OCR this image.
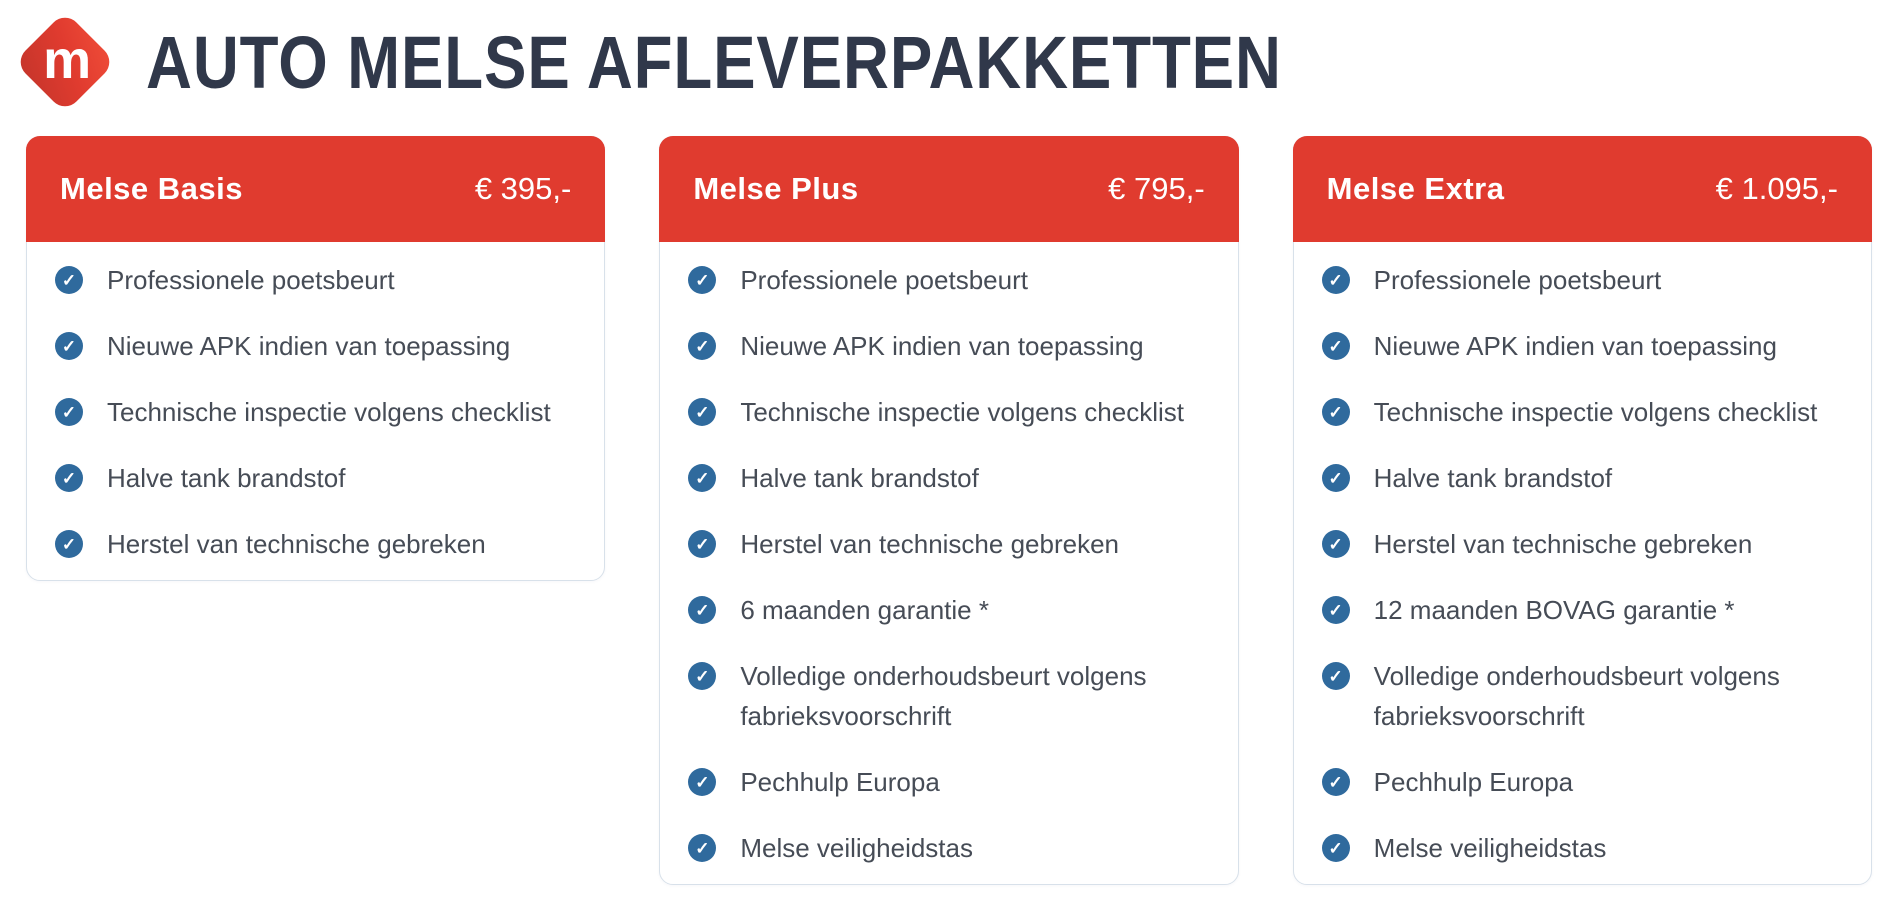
m AUTO MELSE AFLEVERPAKKETTEN
Melse Basis	€ 395,-
✓ Professionele poetsbeurt
✓ Nieuwe APK indien van toepassing
✓ Technische inspectie volgens checklist
✓ Halve tank brandstof
✓ Herstel van technische gebreken
Melse Plus	€ 795,-
✓ Professionele poetsbeurt
✓ Nieuwe APK indien van toepassing
✓ Technische inspectie volgens checklist
✓ Halve tank brandstof
✓ Herstel van technische gebreken
✓ 6 maanden garantie *
✓ Volledige onderhoudsbeurt volgens fabrieksvoorschrift
✓ Pechhulp Europa
✓ Melse veiligheidstas
Melse Extra	€ 1.095,-
✓ Professionele poetsbeurt
✓ Nieuwe APK indien van toepassing
✓ Technische inspectie volgens checklist
✓ Halve tank brandstof
✓ Herstel van technische gebreken
✓ 12 maanden BOVAG garantie *
✓ Volledige onderhoudsbeurt volgens fabrieksvoorschrift
✓ Pechhulp Europa
✓ Melse veiligheidstas
